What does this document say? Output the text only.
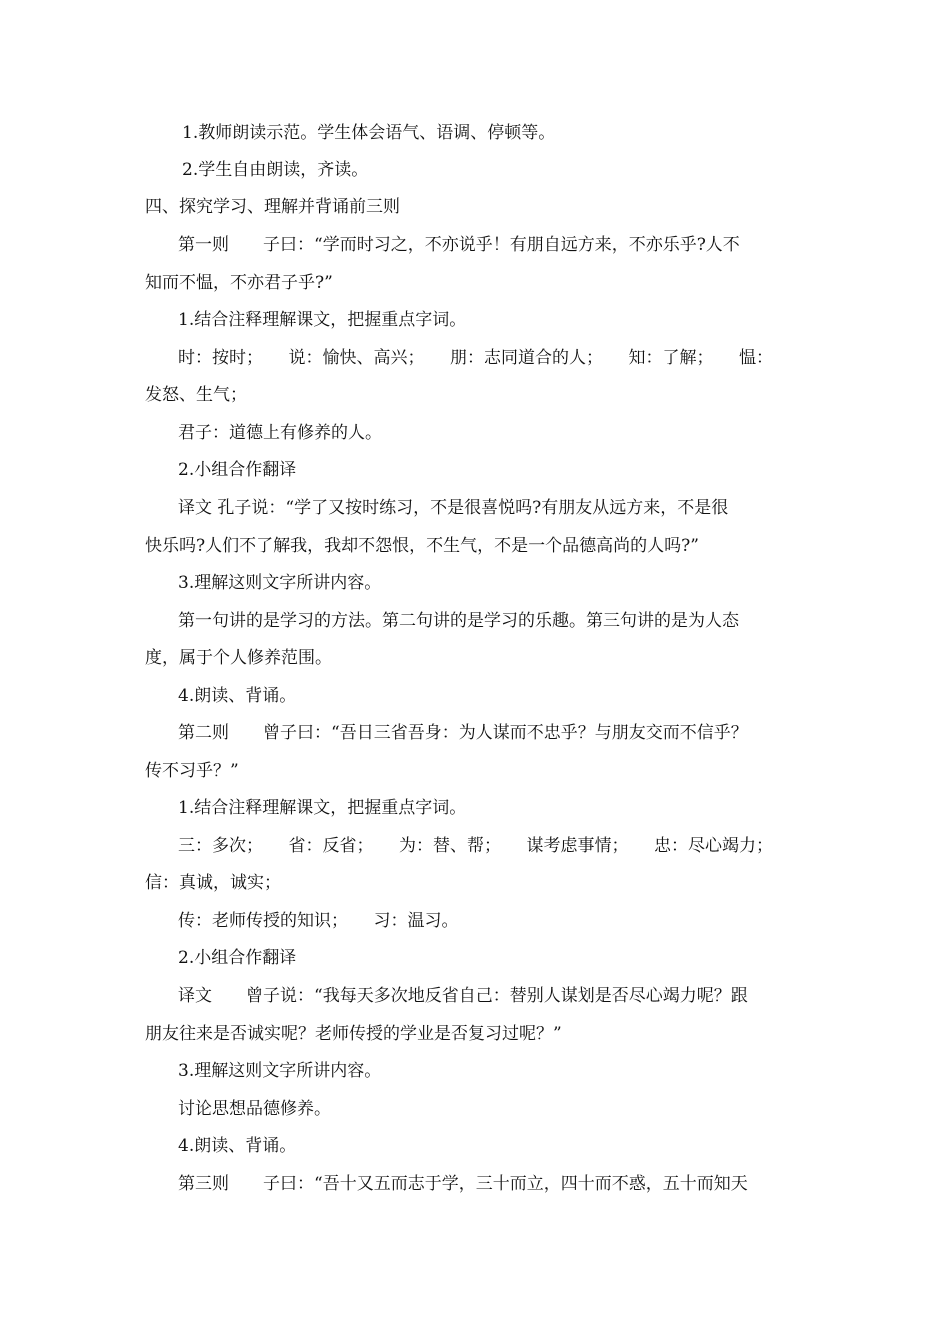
1.教师朗读示范。学生体会语气、语调、停顿等。
2.学生自由朗读，齐读。
四、探究学习、理解并背诵前三则
第一则　　子曰：“学而时习之，不亦说乎！有朋自远方来，不亦乐乎?人不
知而不愠，不亦君子乎?”
1.结合注释理解课文，把握重点字词。
时：按时；　　说：愉快、高兴；　　朋：志同道合的人；　　知：了解；　　愠：
发怒、生气；
君子：道德上有修养的人。
2.小组合作翻译
译文 孔子说：“学了又按时练习，不是很喜悦吗?有朋友从远方来，不是很
快乐吗?人们不了解我，我却不怨恨，不生气，不是一个品德高尚的人吗?”
3.理解这则文字所讲内容。
第一句讲的是学习的方法。第二句讲的是学习的乐趣。第三句讲的是为人态
度，属于个人修养范围。
4.朗读、背诵。
第二则　　曾子曰：“吾日三省吾身：为人谋而不忠乎？与朋友交而不信乎？
传不习乎？”
1.结合注释理解课文，把握重点字词。
三：多次；　　省：反省；　　为：替、帮；　　谋考虑事情；　　忠：尽心竭力；
信：真诚，诚实；
传：老师传授的知识；　　习：温习。
2.小组合作翻译
译文　　曾子说：“我每天多次地反省自己：替别人谋划是否尽心竭力呢？跟
朋友往来是否诚实呢？老师传授的学业是否复习过呢？”
3.理解这则文字所讲内容。
讨论思想品德修养。
4.朗读、背诵。
第三则　　子曰：“吾十又五而志于学，三十而立，四十而不惑，五十而知天
